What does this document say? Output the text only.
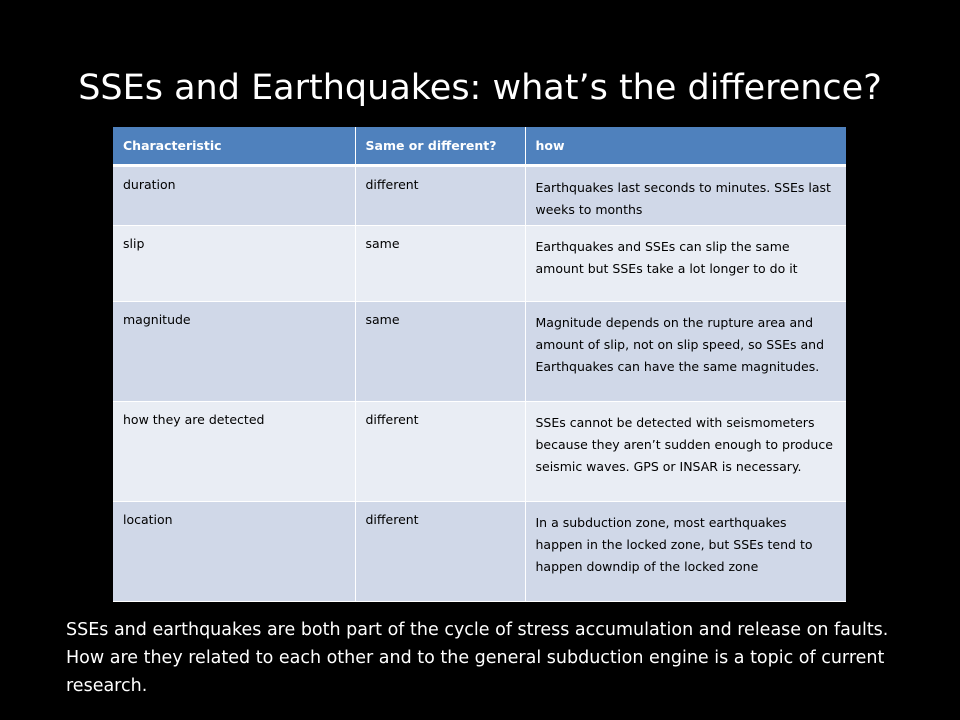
SSEs and Earthquakes: what’s the difference?
Characteristic	Same or different?	how
duration	different	Earthquakes last seconds to minutes. SSEs last weeks to months
slip	same	Earthquakes and SSEs can slip the same amount but SSEs take a lot longer to do it
magnitude	same	Magnitude depends on the rupture area and amount of slip, not on slip speed, so SSEs and Earthquakes can have the same magnitudes.
how they are detected	different	SSEs cannot be detected with seismometers because they aren’t sudden enough to produce seismic waves. GPS or INSAR is necessary.
location	different	In a subduction zone, most earthquakes happen in the locked zone, but SSEs tend to happen downdip of the locked zone
SSEs and earthquakes are both part of the cycle of stress accumulation and release on faults. How are they related to each other and to the general subduction engine is a topic of current research.
